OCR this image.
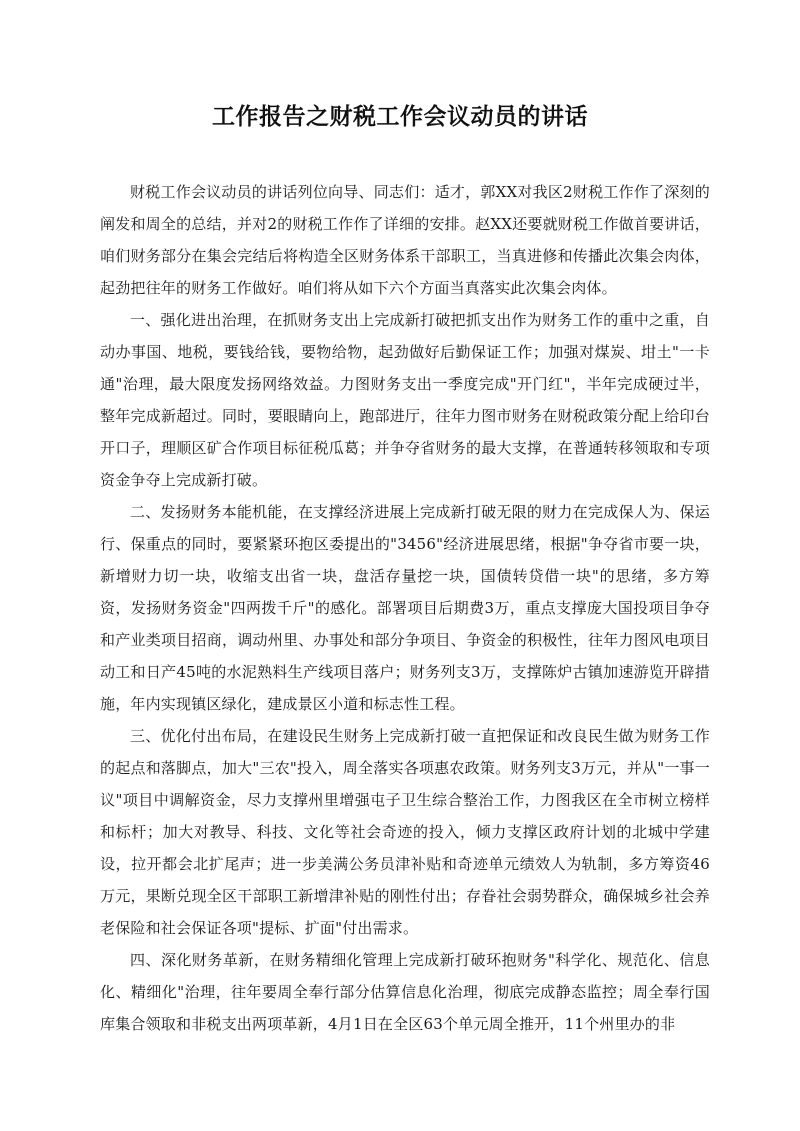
工作报告之财税工作会议动员的讲话

财税工作会议动员的讲话列位向导、同志们：适才，郭XX对我区2财税工作作了深刻的阐发和周全的总结，并对2的财税工作作了详细的安排。赵XX还要就财税工作做首要讲话，咱们财务部分在集会完结后将构造全区财务体系干部职工，当真进修和传播此次集会肉体，起劲把往年的财务工作做好。咱们将从如下六个方面当真落实此次集会肉体。

一、强化进出治理，在抓财务支出上完成新打破把抓支出作为财务工作的重中之重，自动办事国、地税，要钱给钱，要物给物，起劲做好后勤保证工作；加强对煤炭、坩土"一卡通"治理，最大限度发扬网络效益。力图财务支出一季度完成"开门红"，半年完成硬过半，整年完成新超过。同时，要眼睛向上，跑部进厅，往年力图市财务在财税政策分配上给印台开口子，理顺区矿合作项目标征税瓜葛；并争夺省财务的最大支撑，在普通转移领取和专项资金争夺上完成新打破。

二、发扬财务本能机能，在支撑经济进展上完成新打破无限的财力在完成保人为、保运行、保重点的同时，要紧紧环抱区委提出的"3456"经济进展思绪，根据"争夺省市要一块，新增财力切一块，收缩支出省一块，盘活存量挖一块，国债转贷借一块"的思绪，多方筹资，发扬财务资金"四两拨千斤"的感化。部署项目后期费3万，重点支撑庞大国投项目争夺和产业类项目招商，调动州里、办事处和部分争项目、争资金的积极性，往年力图风电项目动工和日产45吨的水泥熟料生产线项目落户；财务列支3万，支撑陈炉古镇加速游览开辟措施，年内实现镇区绿化，建成景区小道和标志性工程。

三、优化付出布局，在建设民生财务上完成新打破一直把保证和改良民生做为财务工作的起点和落脚点，加大"三农"投入，周全落实各项惠农政策。财务列支3万元，并从"一事一议"项目中调解资金，尽力支撑州里增强屯子卫生综合整治工作，力图我区在全市树立榜样和标杆；加大对教导、科技、文化等社会奇迹的投入，倾力支撑区政府计划的北城中学建设，拉开都会北扩尾声；进一步美满公务员津补贴和奇迹单元绩效人为轨制，多方筹资46万元，果断兑现全区干部职工新增津补贴的刚性付出；存眷社会弱势群众，确保城乡社会养老保险和社会保证各项"提标、扩面"付出需求。

四、深化财务革新，在财务精细化管理上完成新打破环抱财务"科学化、规范化、信息化、精细化"治理，往年要周全奉行部分估算信息化治理，彻底完成静态监控；周全奉行国库集合领取和非税支出两项革新，4月1日在全区63个单元周全推开，11个州里办的非
